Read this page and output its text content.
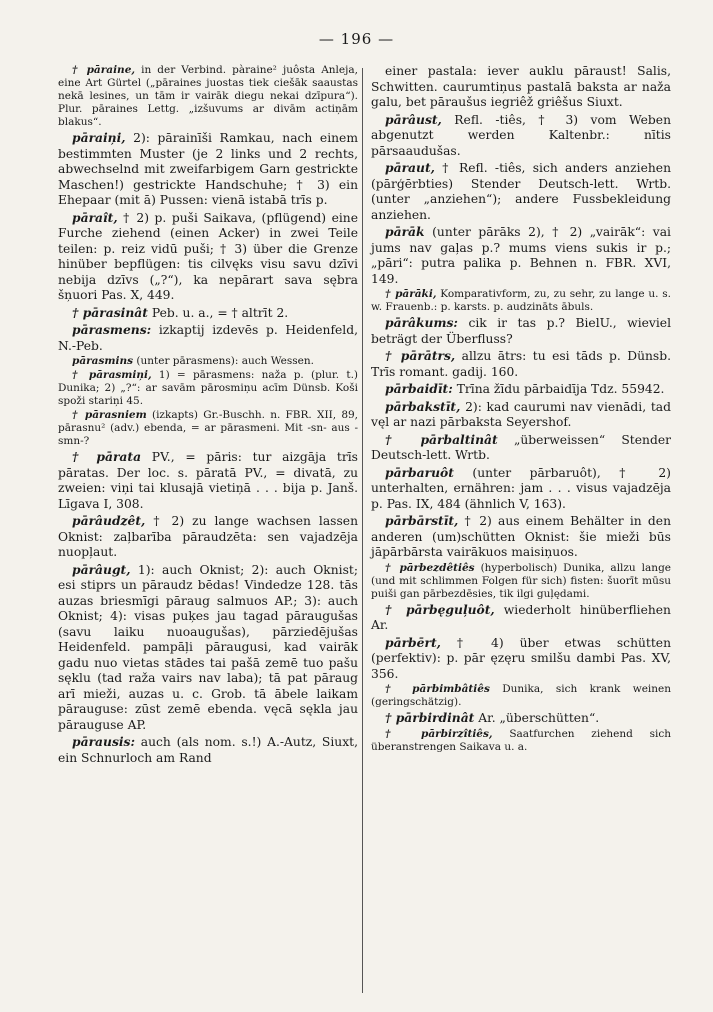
— 196 —

† pāraine, in der Verbind. pàraine² juôsta Anleja, eine Art Gürtel („pāraines juostas tiek ciešāk saaustas nekā lesines, un tām ir vairāk diegu nekai dzīpura“). Plur. pāraines Lettg. „izšuvums ar divām actiņām blakus“.

pāraiņi, 2): pārainīši Ramkau, nach einem bestimmten Muster (je 2 links und 2 rechts, abwechselnd mit zweifarbigem Garn gestrickte Maschen!) gestrickte Handschuhe; † 3) ein Ehepaar (mit ā) Pussen: vienā istabā trīs p.

pāraît, † 2) p. puši Saikava, (pflügend) eine Furche ziehend (einen Acker) in zwei Teile teilen: p. reiz vidū puši; † 3) über die Grenze hinüber bepflügen: tis cilvęks visu savu dzīvi nebija dzīvs („?“), ka nepārart sava sębra šņuori Pas. X, 449.

† pārasinât Peb. u. a., = † altrīt 2.

pārasmens: izkaptij izdevēs p. Heidenfeld, N.-Peb.

pārasmins (unter pārasmens): auch Wessen.

† pārasmiņi, 1) = pārasmens: naža p. (plur. t.) Dunika; 2) „?“: ar savām pārosmiņu acīm Dünsb. Koši spoži stariņi 45.

† pārasniem (izkapts) Gr.-Buschh. n. FBR. XII, 89, pārasnu² (adv.) ebenda, = ar pārasmeni. Mit -sn- aus -smn-?

† pārata PV., = pāris: tur aizgāja trīs pāratas. Der loc. s. pāratā PV., = divatā, zu zweien: viņi tai klusajā vietiņā . . . bija p. Janš. Līgava I, 308.

pārâudzêt, † 2) zu lange wachsen lassen Oknist: zaļbarība pāraudzēta: sen vajadzēja nuopļaut.

pārâugt, 1): auch Oknist; 2): auch Oknist; esi stiprs un pāraudz bēdas! Vindedze 128. tās auzas briesmīgi pāraug salmuos AP.; 3): auch Oknist; 4): visas puķes jau tagad pāraugušas (savu laiku nuoaugušas), pārziedējušas Heidenfeld. pampāļi pāraugusi, kad vairāk gadu nuo vietas stādes tai pašā zemē tuo pašu sęklu (tad raža vairs nav laba); tā pat pāraug arī mieži, auzas u. c. Grob. tā ābele laikam pārauguse: zūst zemē ebenda. vęcā sękla jau pārauguse AP.

pārausis: auch (als nom. s.!) A.-Autz, Siuxt, ein Schnurloch am Rand

einer pastala: iever auklu pāraust! Salis, Schwitten. caurumtiņus pastalā baksta ar naža galu, bet pāraušus iegriêž griêšus Siuxt.

pārâust, Refl. -tiês, † 3) vom Weben abgenutzt werden Kaltenbr.: nītis pārsaaudušas.

pāraut, † Refl. -tiês, sich anders anziehen (pārģērbties) Stender Deutsch-lett. Wrtb. (unter „anziehen“); andere Fussbekleidung anziehen.

pārāk (unter pārāks 2), † 2) „vairāk“: vai jums nav gaļas p.? mums viens sukis ir p.; „pāri“: putra palika p. Behnen n. FBR. XVI, 149.

† pārāki, Komparativform, zu, zu sehr, zu lange u. s. w. Frauenb.: p. karsts. p. audzināts ābuls.

pārâkums: cik ir tas p.? BielU., wieviel beträgt der Überfluss?

† pārātrs, allzu ātrs: tu esi tāds p. Dünsb. Trīs romant. gadij. 160.

pārbaidīt: Trīna žīdu pārbaidīja Tdz. 55942.

pārbakstīt, 2): kad caurumi nav vienādi, tad vęl ar nazi pārbaksta Seyershof.

† pārbaltinât „überweissen“ Stender Deutsch-lett. Wrtb.

pārbaruôt (unter pārbaruôt), † 2) unterhalten, ernähren: jam . . . visus vajadzēja p. Pas. IX, 484 (ähnlich V, 163).

pārbārstīt, † 2) aus einem Behälter in den anderen (um)schütten Oknist: šie mieži būs jāpārbārsta vairākuos maisiņuos.

† pārbezdêtiês (hyperbolisch) Dunika, allzu lange (und mit schlimmen Folgen für sich) fisten: šuorīt mūsu puiši gan pārbezdēsies, tik ilgi guļędami.

† pārbęguļuôt, wiederholt hinüberfliehen Ar.

pārbērt, † 4) über etwas schütten (perfektiv): p. pār ęzęru smilšu dambi Pas. XV, 356.

† pārbimbâtiês Dunika, sich krank weinen (geringschätzig).

† pārbirdinât Ar. „überschütten“.

† pārbirzîtiês, Saatfurchen ziehend sich überanstrengen Saikava u. a.
